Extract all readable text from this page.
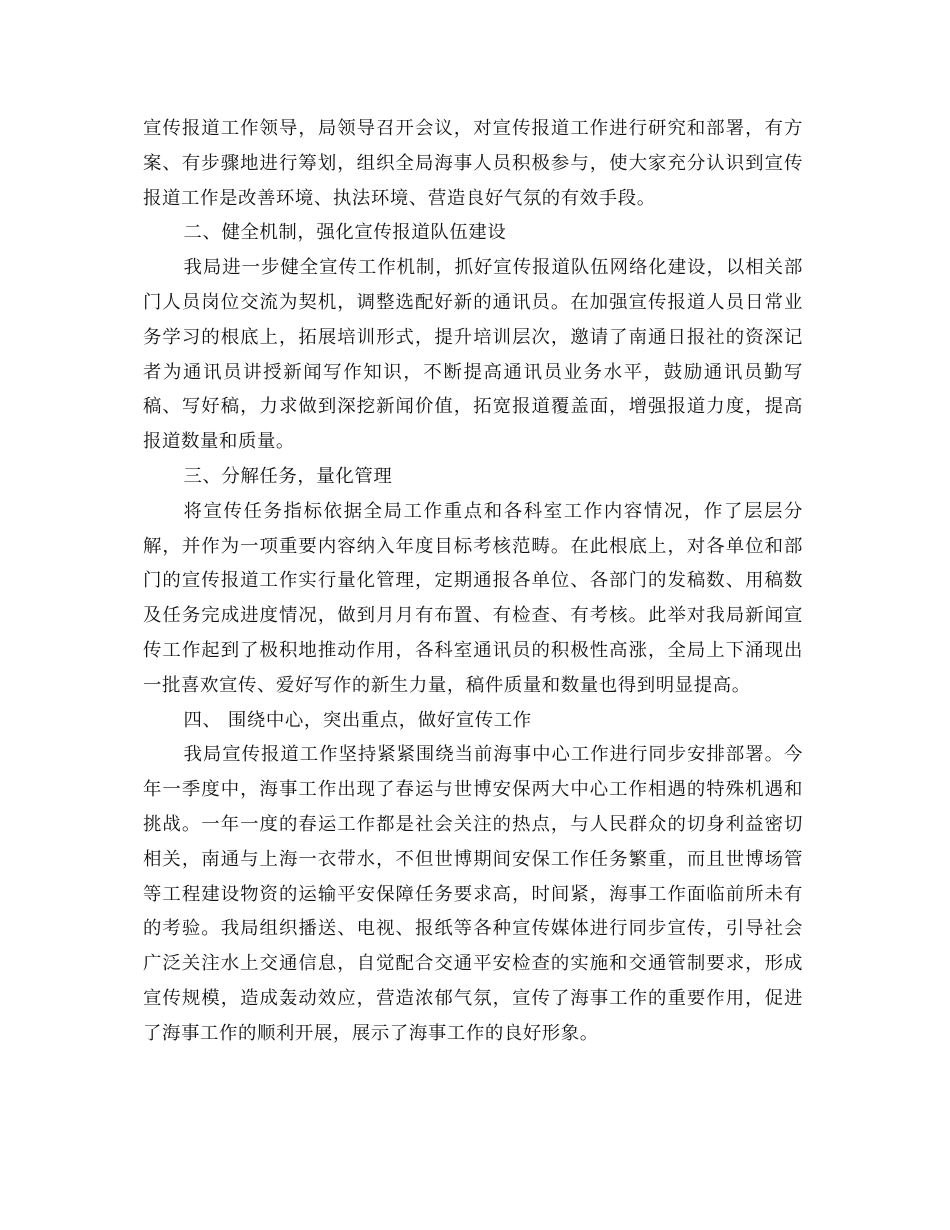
宣传报道工作领导，局领导召开会议，对宣传报道工作进行研究和部署，有方案、有步骤地进行筹划，组织全局海事人员积极参与，使大家充分认识到宣传报道工作是改善环境、执法环境、营造良好气氛的有效手段。

二、健全机制，强化宣传报道队伍建设

我局进一步健全宣传工作机制，抓好宣传报道队伍网络化建设，以相关部门人员岗位交流为契机，调整选配好新的通讯员。在加强宣传报道人员日常业务学习的根底上，拓展培训形式，提升培训层次，邀请了南通日报社的资深记者为通讯员讲授新闻写作知识，不断提高通讯员业务水平，鼓励通讯员勤写稿、写好稿，力求做到深挖新闻价值，拓宽报道覆盖面，增强报道力度，提高报道数量和质量。

三、分解任务，量化管理

将宣传任务指标依据全局工作重点和各科室工作内容情况，作了层层分解，并作为一项重要内容纳入年度目标考核范畴。在此根底上，对各单位和部门的宣传报道工作实行量化管理，定期通报各单位、各部门的发稿数、用稿数及任务完成进度情况，做到月月有布置、有检查、有考核。此举对我局新闻宣传工作起到了极积地推动作用，各科室通讯员的积极性高涨，全局上下涌现出一批喜欢宣传、爱好写作的新生力量，稿件质量和数量也得到明显提高。

四、 围绕中心，突出重点，做好宣传工作

我局宣传报道工作坚持紧紧围绕当前海事中心工作进行同步安排部署。今年一季度中，海事工作出现了春运与世博安保两大中心工作相遇的特殊机遇和挑战。一年一度的春运工作都是社会关注的热点，与人民群众的切身利益密切相关，南通与上海一衣带水，不但世博期间安保工作任务繁重，而且世博场管等工程建设物资的运输平安保障任务要求高，时间紧，海事工作面临前所未有的考验。我局组织播送、电视、报纸等各种宣传媒体进行同步宣传，引导社会广泛关注水上交通信息，自觉配合交通平安检查的实施和交通管制要求，形成宣传规模，造成轰动效应，营造浓郁气氛，宣传了海事工作的重要作用，促进了海事工作的顺利开展，展示了海事工作的良好形象。
